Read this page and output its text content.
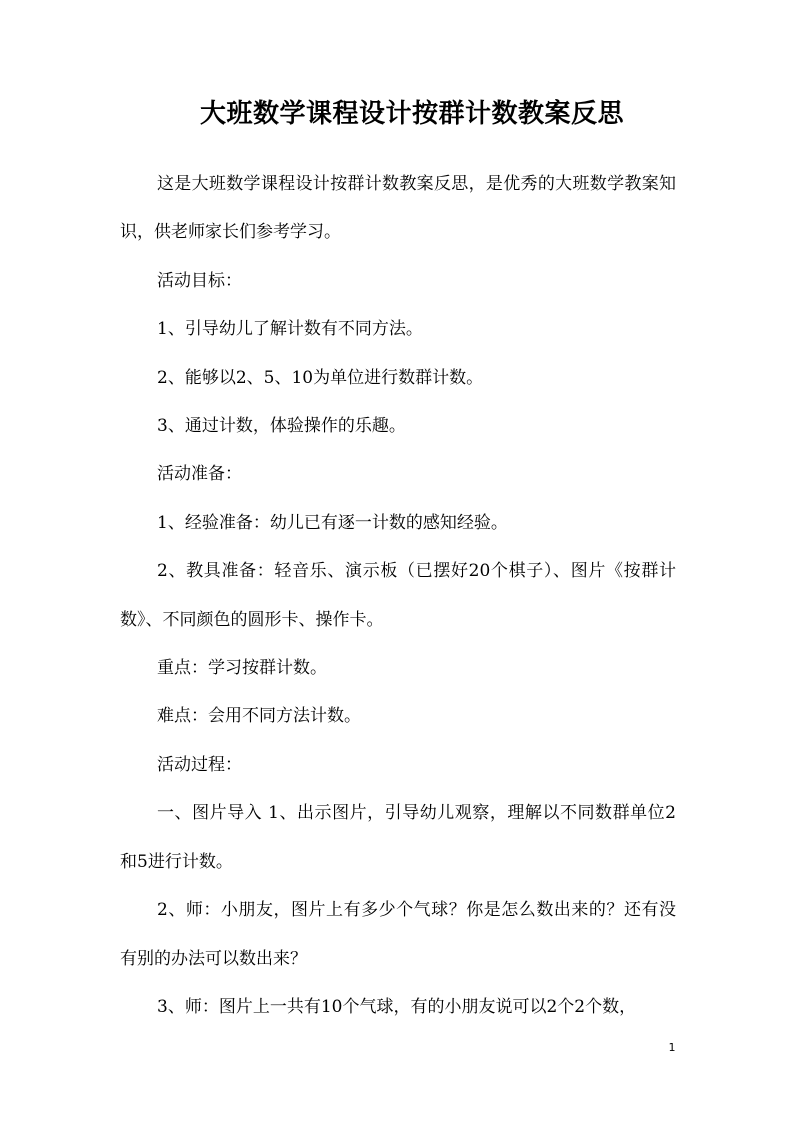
大班数学课程设计按群计数教案反思

这是大班数学课程设计按群计数教案反思，是优秀的大班数学教案知识，供老师家长们参考学习。

活动目标：

1、引导幼儿了解计数有不同方法。

2、能够以2、5、10为单位进行数群计数。

3、通过计数，体验操作的乐趣。

活动准备：

1、经验准备：幼儿已有逐一计数的感知经验。

2、教具准备：轻音乐、演示板（已摆好20个棋子）、图片《按群计数》、不同颜色的圆形卡、操作卡。

重点：学习按群计数。

难点：会用不同方法计数。

活动过程：

一、图片导入 1、出示图片，引导幼儿观察，理解以不同数群单位2和5进行计数。

2、师：小朋友，图片上有多少个气球？你是怎么数出来的？还有没有别的办法可以数出来？

3、师：图片上一共有10个气球，有的小朋友说可以2个2个数，

1
